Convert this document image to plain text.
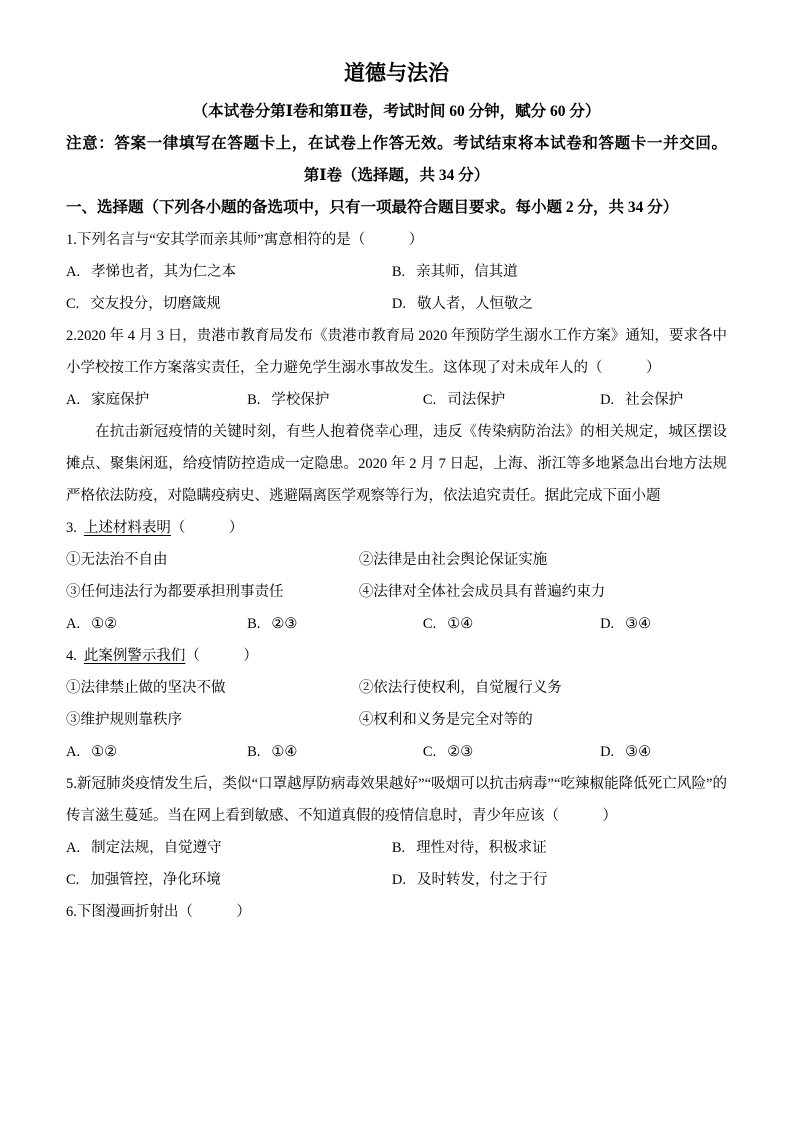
道德与法治
（本试卷分第Ⅰ卷和第Ⅱ卷，考试时间 60 分钟，赋分 60 分）
注意：答案一律填写在答题卡上，在试卷上作答无效。考试结束将本试卷和答题卡一并交回。
第Ⅰ卷（选择题，共 34 分）
一、选择题（下列各小题的备选项中，只有一项最符合题目要求。每小题 2 分，共 34 分）
1.下列名言与“安其学而亲其师”寓意相符的是（　　　）
A. 孝悌也者，其为仁之本	B. 亲其师，信其道
C. 交友投分，切磨箴规	D. 敬人者，人恒敬之
2.2020 年 4 月 3 日，贵港市教育局发布《贵港市教育局 2020 年预防学生溺水工作方案》通知，要求各中小学校按工作方案落实责任，全力避免学生溺水事故发生。这体现了对未成年人的（　　　）
A. 家庭保护	B. 学校保护	C. 司法保护	D. 社会保护

在抗击新冠疫情的关键时刻，有些人抱着侥幸心理，违反《传染病防治法》的相关规定，城区摆设摊点、聚集闲逛，给疫情防控造成一定隐患。2020 年 2 月 7 日起，上海、浙江等多地紧急出台地方法规严格依法防疫，对隐瞒疫病史、逃避隔离医学观察等行为，依法追究责任。据此完成下面小题

3. 上述材料表明（　　　）
①无法治不自由	②法律是由社会舆论保证实施
③任何违法行为都要承担刑事责任	④法律对全体社会成员具有普遍约束力
A. ①②	B. ②③	C. ①④	D. ③④
4. 此案例警示我们（　　　）
①法律禁止做的坚决不做	②依法行使权利，自觉履行义务
③维护规则靠秩序	④权利和义务是完全对等的
A. ①②	B. ①④	C. ②③	D. ③④
5.新冠肺炎疫情发生后，类似“口罩越厚防病毒效果越好”“吸烟可以抗击病毒”“吃辣椒能降低死亡风险”的传言滋生蔓延。当在网上看到敏感、不知道真假的疫情信息时，青少年应该（　　　）
A. 制定法规，自觉遵守	B. 理性对待，积极求证
C. 加强管控，净化环境	D. 及时转发，付之于行
6.下图漫画折射出（　　　）
